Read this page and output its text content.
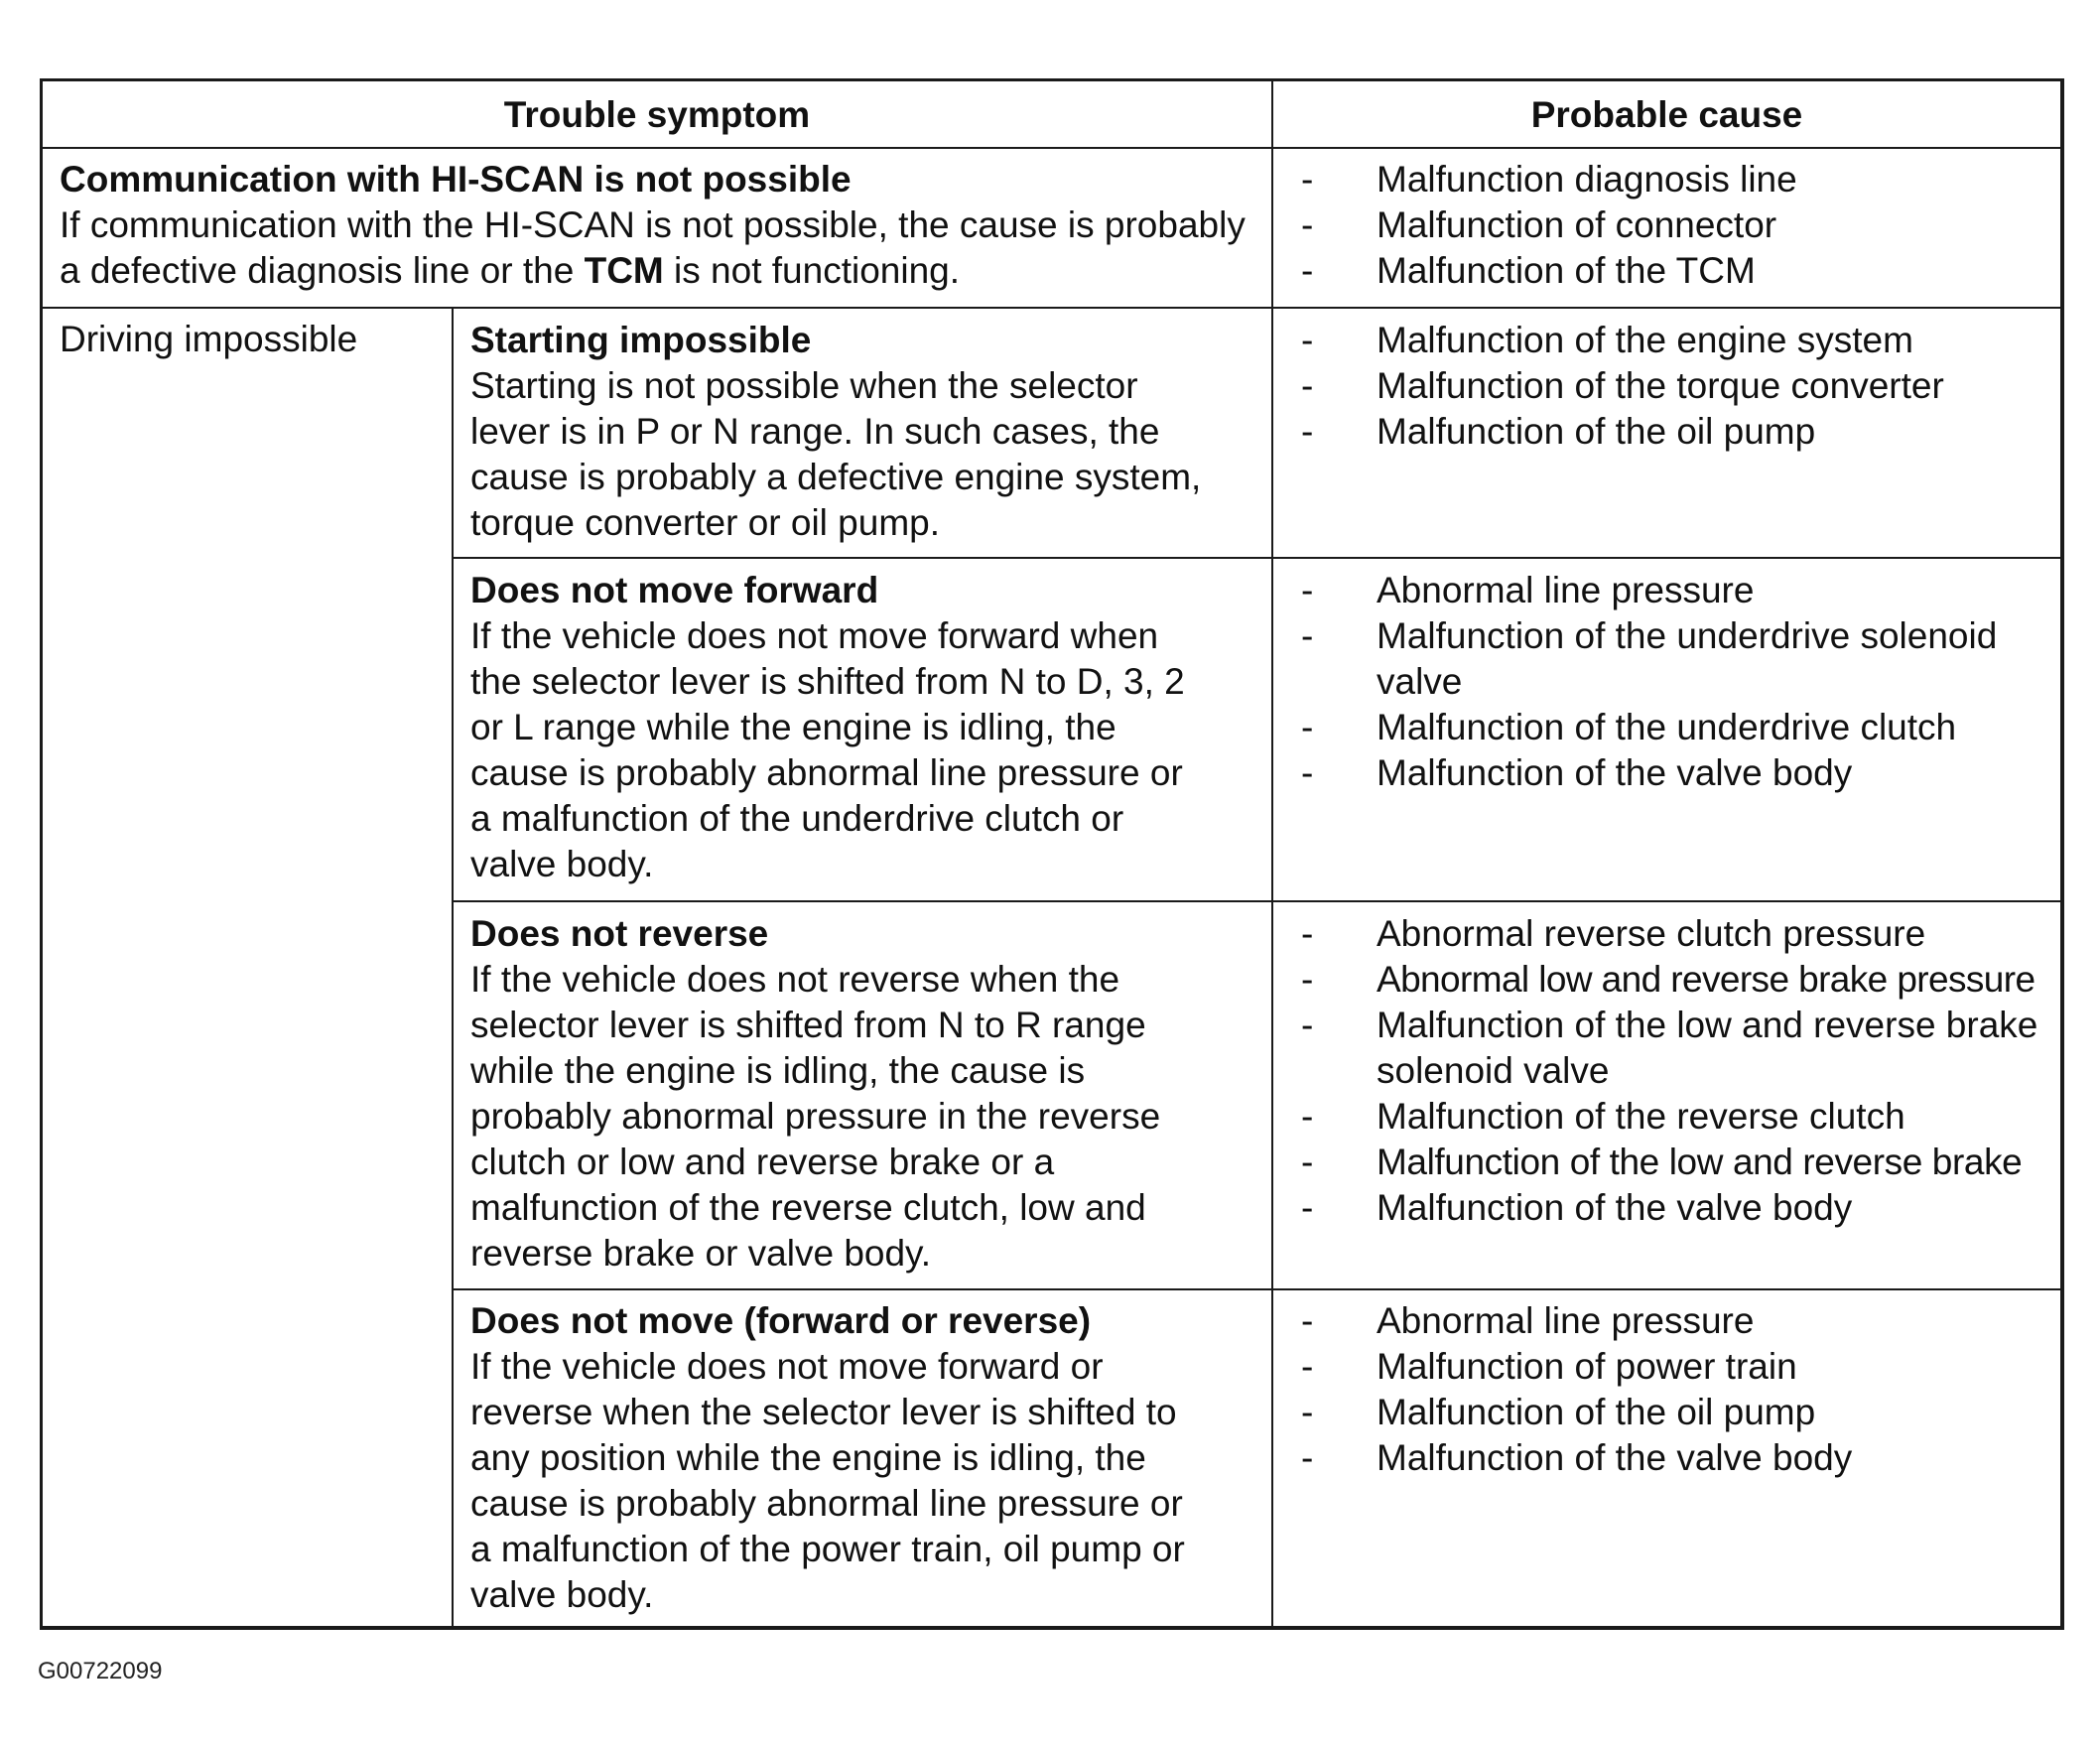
Trouble symptom	Probable cause
Communication with HI-SCAN is not possible
If communication with the HI-SCAN is not possible, the cause is probably a defective diagnosis line or the TCM is not functioning.
- Malfunction diagnosis line
- Malfunction of connector
- Malfunction of the TCM
Driving impossible	Starting impossible
Starting is not possible when the selector lever is in P or N range. In such cases, the cause is probably a defective engine system, torque converter or oil pump.
- Malfunction of the engine system
- Malfunction of the torque converter
- Malfunction of the oil pump
Does not move forward
If the vehicle does not move forward when the selector lever is shifted from N to D, 3, 2 or L range while the engine is idling, the cause is probably abnormal line pressure or a malfunction of the underdrive clutch or valve body.
- Abnormal line pressure
- Malfunction of the underdrive solenoid valve
- Malfunction of the underdrive clutch
- Malfunction of the valve body
Does not reverse
If the vehicle does not reverse when the selector lever is shifted from N to R range while the engine is idling, the cause is probably abnormal pressure in the reverse clutch or low and reverse brake or a malfunction of the reverse clutch, low and reverse brake or valve body.
- Abnormal reverse clutch pressure
- Abnormal low and reverse brake pressure
- Malfunction of the low and reverse brake solenoid valve
- Malfunction of the reverse clutch
- Malfunction of the low and reverse brake
- Malfunction of the valve body
Does not move (forward or reverse)
If the vehicle does not move forward or reverse when the selector lever is shifted to any position while the engine is idling, the cause is probably abnormal line pressure or a malfunction of the power train, oil pump or valve body.
- Abnormal line pressure
- Malfunction of power train
- Malfunction of the oil pump
- Malfunction of the valve body
G00722099
